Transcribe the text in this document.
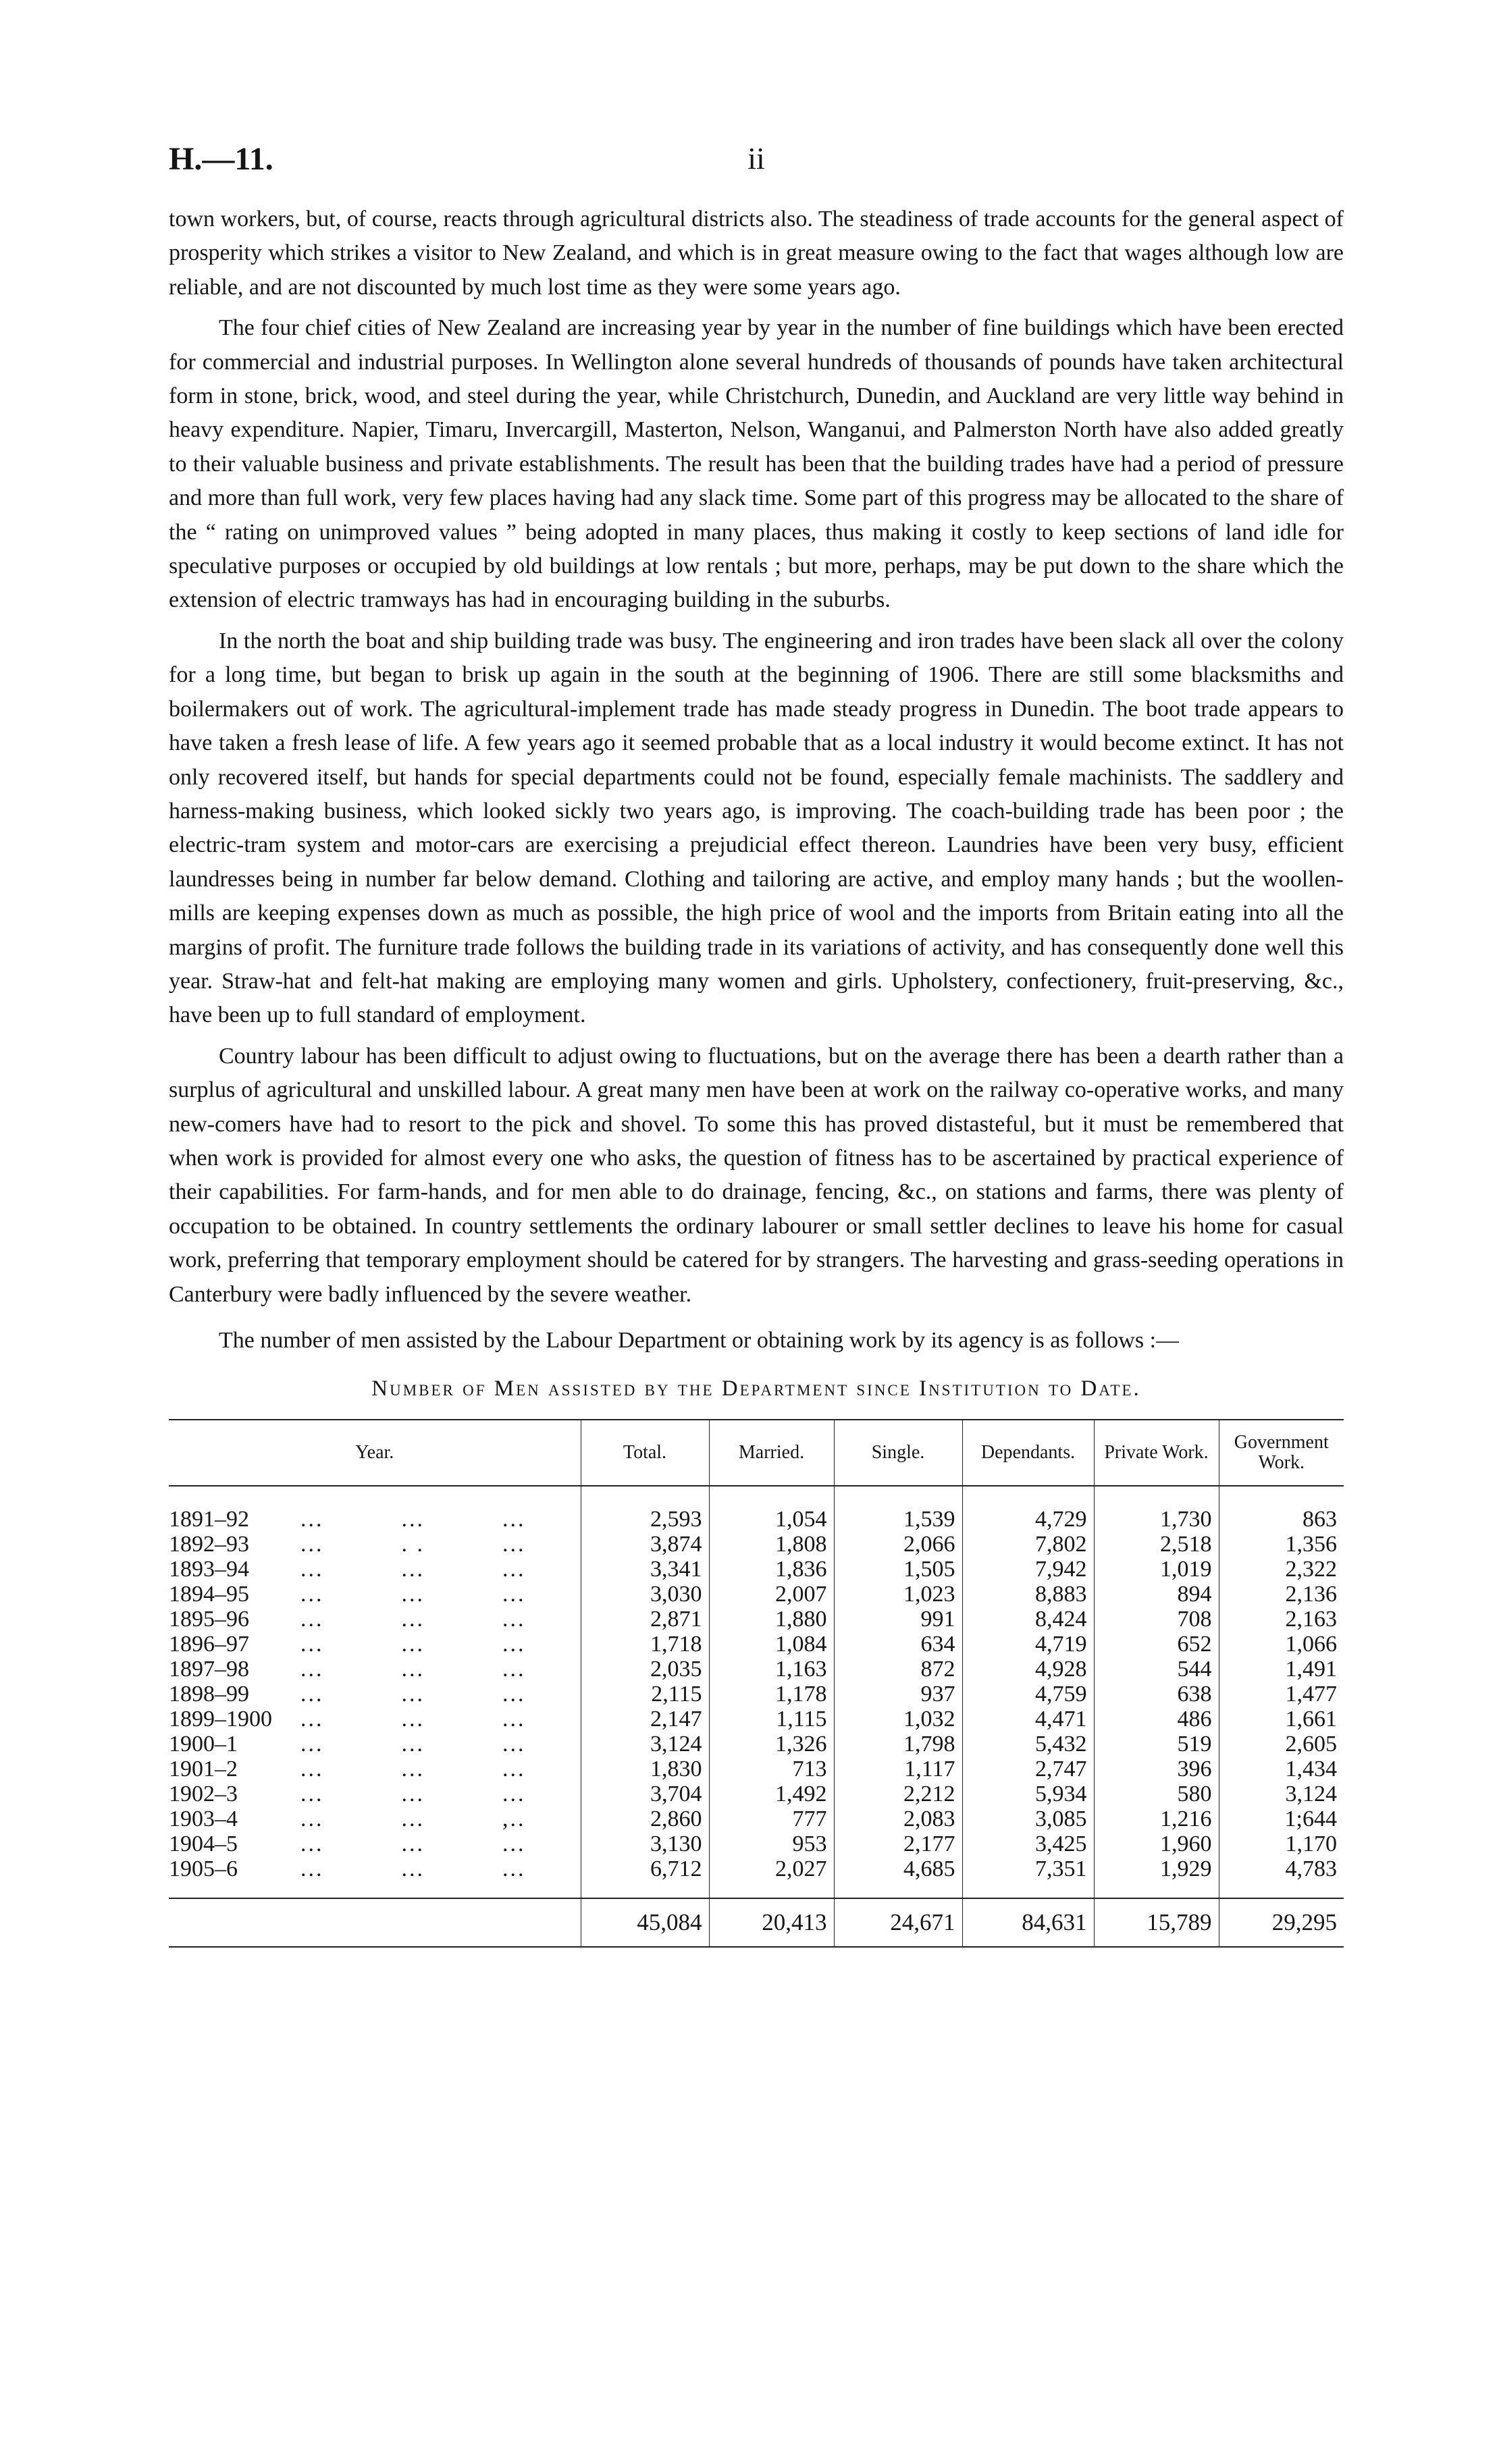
H.—11.	ii

town workers, but, of course, reacts through agricultural districts also. The steadiness of trade accounts for the general aspect of prosperity which strikes a visitor to New Zealand, and which is in great measure owing to the fact that wages although low are reliable, and are not discounted by much lost time as they were some years ago.

The four chief cities of New Zealand are increasing year by year in the number of fine buildings which have been erected for commercial and industrial purposes. In Wellington alone several hundreds of thousands of pounds have taken architectural form in stone, brick, wood, and steel during the year, while Christchurch, Dunedin, and Auckland are very little way behind in heavy expenditure. Napier, Timaru, Invercargill, Masterton, Nelson, Wanganui, and Palmerston North have also added greatly to their valuable business and private establishments. The result has been that the building trades have had a period of pressure and more than full work, very few places having had any slack time. Some part of this progress may be allocated to the share of the “ rating on unimproved values ” being adopted in many places, thus making it costly to keep sections of land idle for speculative purposes or occupied by old buildings at low rentals ; but more, perhaps, may be put down to the share which the extension of electric tramways has had in encouraging building in the suburbs.

In the north the boat and ship building trade was busy. The engineering and iron trades have been slack all over the colony for a long time, but began to brisk up again in the south at the beginning of 1906. There are still some blacksmiths and boilermakers out of work. The agricultural-implement trade has made steady progress in Dunedin. The boot trade appears to have taken a fresh lease of life. A few years ago it seemed probable that as a local industry it would become extinct. It has not only recovered itself, but hands for special departments could not be found, especially female machinists. The saddlery and harness-making business, which looked sickly two years ago, is improving. The coach-building trade has been poor ; the electric-tram system and motor-cars are exercising a prejudicial effect thereon. Laundries have been very busy, efficient laundresses being in number far below demand. Clothing and tailoring are active, and employ many hands ; but the woollen-mills are keeping expenses down as much as possible, the high price of wool and the imports from Britain eating into all the margins of profit. The furniture trade follows the building trade in its variations of activity, and has consequently done well this year. Straw-hat and felt-hat making are employing many women and girls. Upholstery, confectionery, fruit-preserving, &c., have been up to full standard of employment.

Country labour has been difficult to adjust owing to fluctuations, but on the average there has been a dearth rather than a surplus of agricultural and unskilled labour. A great many men have been at work on the railway co-operative works, and many new-comers have had to resort to the pick and shovel. To some this has proved distasteful, but it must be remembered that when work is provided for almost every one who asks, the question of fitness has to be ascertained by practical experience of their capabilities. For farm-hands, and for men able to do drainage, fencing, &c., on stations and farms, there was plenty of occupation to be obtained. In country settlements the ordinary labourer or small settler declines to leave his home for casual work, preferring that temporary employment should be catered for by strangers. The harvesting and grass-seeding operations in Canterbury were badly influenced by the severe weather.

The number of men assisted by the Labour Department or obtaining work by its agency is as follows :—

Number of Men assisted by the Department since Institution to Date.
Year.	Total.	Married.	Single.	Dependants.	Private Work.	Government Work.

1891–92 ...          ...          ...	2,593	1,054	1,539	4,729	1,730	863
1892–93 ...          . .          ...	3,874	1,808	2,066	7,802	2,518	1,356
1893–94 ...          ...          ...	3,341	1,836	1,505	7,942	1,019	2,322
1894–95 ...          ...          ...	3,030	2,007	1,023	8,883	894	2,136
1895–96 ...          ...          ...	2,871	1,880	991	8,424	708	2,163
1896–97 ...          ...          ...	1,718	1,084	634	4,719	652	1,066
1897–98 ...          ...          ...	2,035	1,163	872	4,928	544	1,491
1898–99 ...          ...          ...	2,115	1,178	937	4,759	638	1,477
1899–1900 ...          ...          ...	2,147	1,115	1,032	4,471	486	1,661
1900–1 ...          ...          ...	3,124	1,326	1,798	5,432	519	2,605
1901–2 ...          ...          ...	1,830	713	1,117	2,747	396	1,434
1902–3 ...          ...          ...	3,704	1,492	2,212	5,934	580	3,124
1903–4 ...          ...          ,..	2,860	777	2,083	3,085	1,216	1;644
1904–5 ...          ...          ...	3,130	953	2,177	3,425	1,960	1,170
1905–6 ...          ...          ...	6,712	2,027	4,685	7,351	1,929	4,783

	45,084	20,413	24,671	84,631	15,789	29,295
